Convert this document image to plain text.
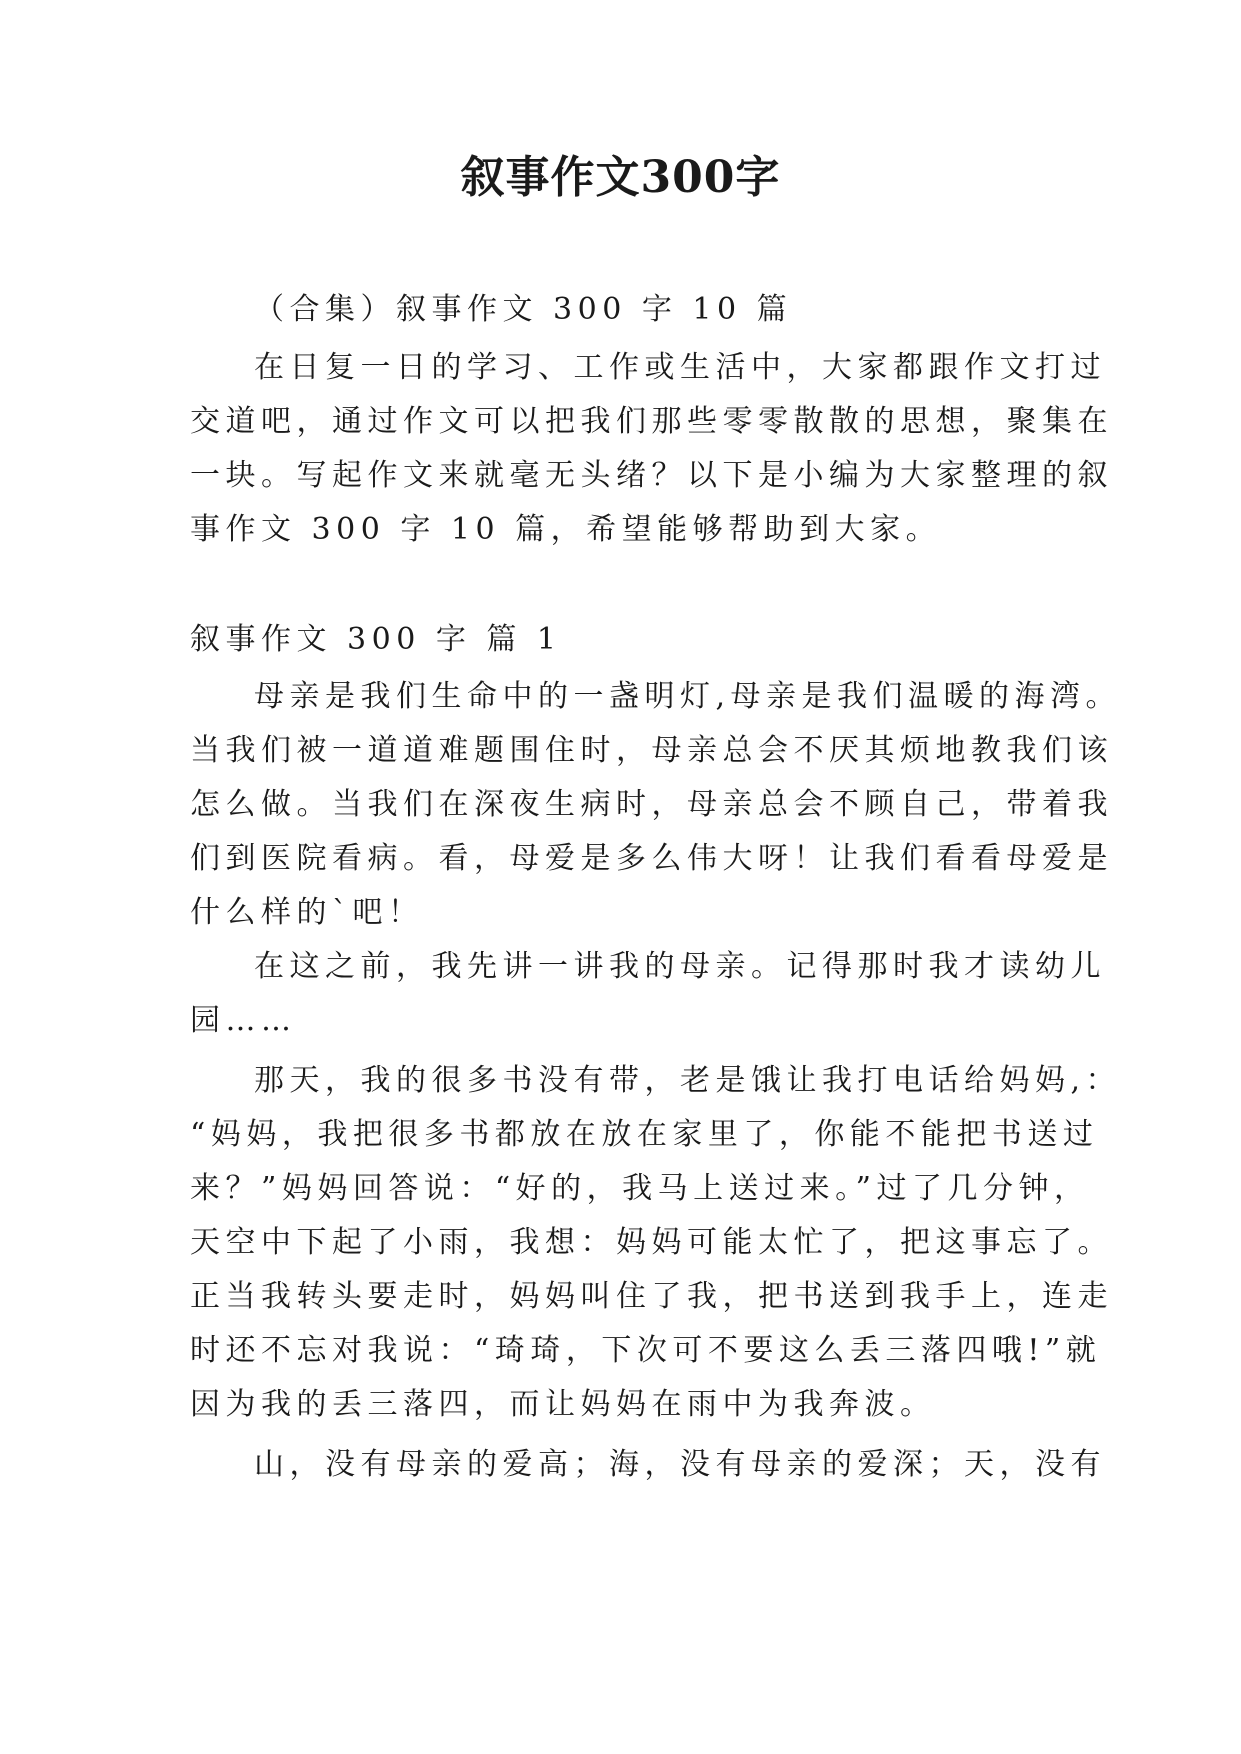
叙事作文300字
（合集）叙事作文 300 字 10 篇
在日复一日的学习、工作或生活中，大家都跟作文打过
交道吧，通过作文可以把我们那些零零散散的思想，聚集在
一块。写起作文来就毫无头绪？以下是小编为大家整理的叙
事作文 300 字 10 篇，希望能够帮助到大家。
叙事作文 300 字 篇 1
母亲是我们生命中的一盏明灯,母亲是我们温暖的海湾。
当我们被一道道难题围住时，母亲总会不厌其烦地教我们该
怎么做。当我们在深夜生病时，母亲总会不顾自己，带着我
们到医院看病。看，母爱是多么伟大呀！让我们看看母爱是
什么样的`吧！
在这之前，我先讲一讲我的母亲。记得那时我才读幼儿
园……
那天，我的很多书没有带，老是饿让我打电话给妈妈,：
“妈妈，我把很多书都放在放在家里了，你能不能把书送过
来？”妈妈回答说：“好的，我马上送过来。”过了几分钟，
天空中下起了小雨，我想：妈妈可能太忙了，把这事忘了。
正当我转头要走时，妈妈叫住了我，把书送到我手上，连走
时还不忘对我说：“琦琦，下次可不要这么丢三落四哦!”就
因为我的丢三落四，而让妈妈在雨中为我奔波。
山，没有母亲的爱高；海，没有母亲的爱深；天，没有
